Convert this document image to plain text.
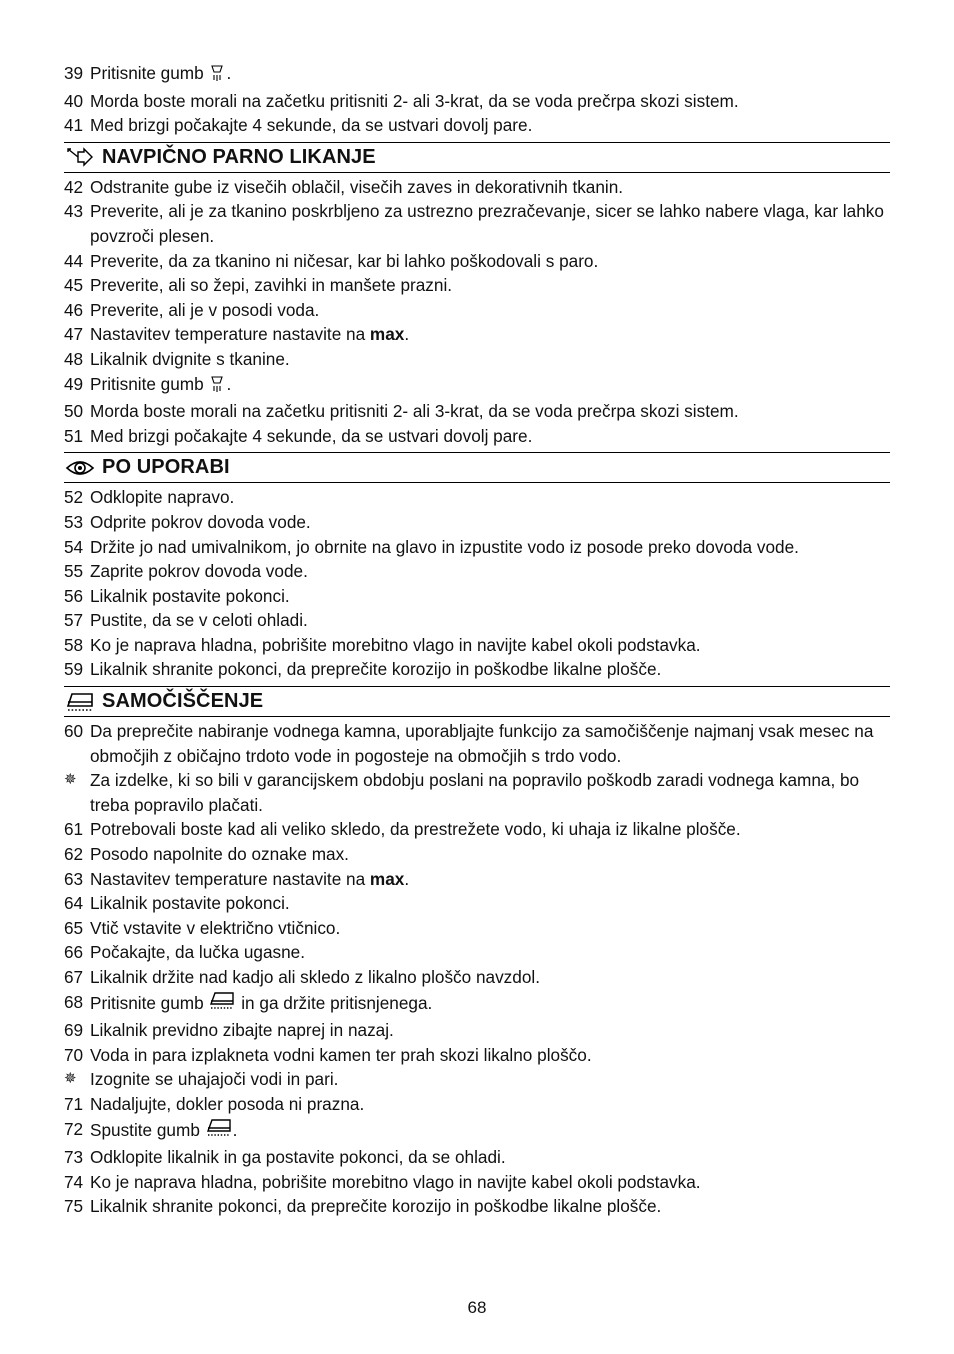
39 Pritisnite gumb .
40 Morda boste morali na začetku pritisniti 2- ali 3-krat, da se voda prečrpa skozi sistem.
41 Med brizgi počakajte 4 sekunde, da se ustvari dovolj pare.
NAVPIČNO PARNO LIKANJE
42 Odstranite gube iz visečih oblačil, visečih zaves in dekorativnih tkanin.
43 Preverite, ali je za tkanino poskrbljeno za ustrezno prezračevanje, sicer se lahko nabere vlaga, kar lahko povzroči plesen.
44 Preverite, da za tkanino ni ničesar, kar bi lahko poškodovali s paro.
45 Preverite, ali so žepi, zavihki in manšete prazni.
46 Preverite, ali je v posodi voda.
47 Nastavitev temperature nastavite na max.
48 Likalnik dvignite s tkanine.
49 Pritisnite gumb .
50 Morda boste morali na začetku pritisniti 2- ali 3-krat, da se voda prečrpa skozi sistem.
51 Med brizgi počakajte 4 sekunde, da se ustvari dovolj pare.
PO UPORABI
52 Odklopite napravo.
53 Odprite pokrov dovoda vode.
54 Držite jo nad umivalnikom, jo obrnite na glavo in izpustite vodo iz posode preko dovoda vode.
55 Zaprite pokrov dovoda vode.
56 Likalnik postavite pokonci.
57 Pustite, da se v celoti ohladi.
58 Ko je naprava hladna, pobrišite morebitno vlago in navijte kabel okoli podstavka.
59 Likalnik shranite pokonci, da preprečite korozijo in poškodbe likalne plošče.
SAMOČIŠČENJE
60 Da preprečite nabiranje vodnega kamna, uporabljajte funkcijo za samočiščenje najmanj vsak mesec na območjih z običajno trdoto vode in pogosteje na območjih s trdo vodo.
✵ Za izdelke, ki so bili v garancijskem obdobju poslani na popravilo poškodb zaradi vodnega kamna, bo treba popravilo plačati.
61 Potrebovali boste kad ali veliko skledo, da prestrežete vodo, ki uhaja iz likalne plošče.
62 Posodo napolnite do oznake max.
63 Nastavitev temperature nastavite na max.
64 Likalnik postavite pokonci.
65 Vtič vstavite v električno vtičnico.
66 Počakajte, da lučka ugasne.
67 Likalnik držite nad kadjo ali skledo z likalno ploščo navzdol.
68 Pritisnite gumb  in ga držite pritisnjenega.
69 Likalnik previdno zibajte naprej in nazaj.
70 Voda in para izplakneta vodni kamen ter prah skozi likalno ploščo.
✵ Izognite se uhajajoči vodi in pari.
71 Nadaljujte, dokler posoda ni prazna.
72 Spustite gumb .
73 Odklopite likalnik in ga postavite pokonci, da se ohladi.
74 Ko je naprava hladna, pobrišite morebitno vlago in navijte kabel okoli podstavka.
75 Likalnik shranite pokonci, da preprečite korozijo in poškodbe likalne plošče.
68
